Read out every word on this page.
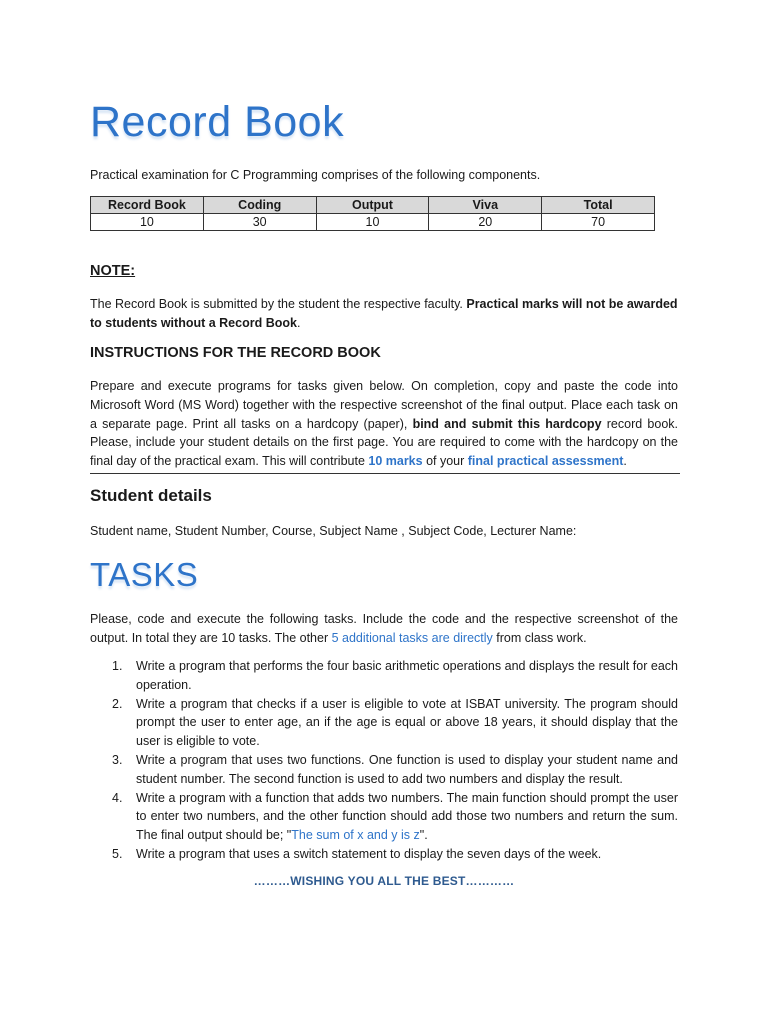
Record Book

Practical examination for C Programming comprises of the following components.

Record Book	Coding	Output	Viva	Total
10	30	10	20	70
NOTE:

The Record Book is submitted by the student the respective faculty. Practical marks will not be awarded to students without a Record Book.

INSTRUCTIONS FOR THE RECORD BOOK

Prepare and execute programs for tasks given below. On completion, copy and paste the code into Microsoft Word (MS Word) together with the respective screenshot of the final output. Place each task on a separate page. Print all tasks on a hardcopy (paper), bind and submit this hardcopy record book. Please, include your student details on the first page. You are required to come with the hardcopy on the final day of the practical exam. This will contribute 10 marks of your final practical assessment.

Student details

Student name, Student Number, Course, Subject Name , Subject Code, Lecturer Name:

TASKS

Please, code and execute the following tasks. Include the code and the respective screenshot of the output. In total they are 10 tasks. The other 5 additional tasks are directly from class work.

1. Write a program that performs the four basic arithmetic operations and displays the result for each operation.
2. Write a program that checks if a user is eligible to vote at ISBAT university. The program should prompt the user to enter age, an if the age is equal or above 18 years, it should display that the user is eligible to vote.
3. Write a program that uses two functions. One function is used to display your student name and student number. The second function is used to add two numbers and display the result.
4. Write a program with a function that adds two numbers. The main function should prompt the user to enter two numbers, and the other function should add those two numbers and return the sum. The final output should be; "The sum of x and y is z".
5. Write a program that uses a switch statement to display the seven days of the week.
………WISHING YOU ALL THE BEST…………
